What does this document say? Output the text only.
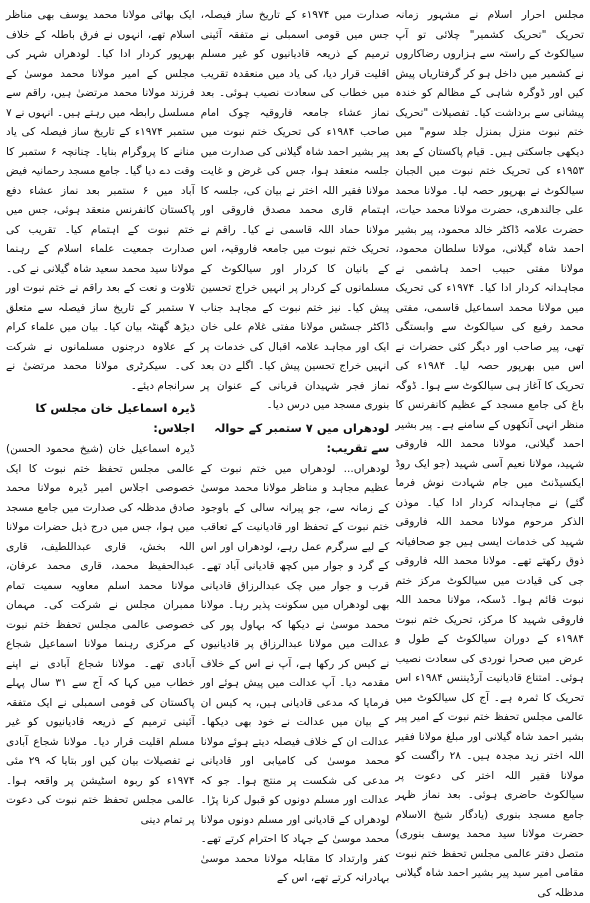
مجلس احرار اسلام نے مشہور زمانہ تحریک "تحریک کشمیر" چلائی تو آپ سیالکوٹ کے راستہ سے ہزاروں رضاکاروں نے کشمیر میں داخل ہو کر گرفتاریاں پیش کیں اور ڈوگرہ شاہی کے مظالم کو خندہ پیشانی سے برداشت کیا۔ تفصیلات "تحریک ختم نبوت منزل بمنزل جلد سوم" میں دیکھی جاسکتی ہیں۔ قیام پاکستان کے بعد ۱۹۵۳ء کی تحریک ختم نبوت میں الجبان سیالکوٹ نے بھرپور حصہ لیا۔ مولانا محمد علی جالندھری، حضرت مولانا محمد حیات، حضرت علامہ ڈاکٹر خالد محمود، پیر بشیر احمد شاہ گیلانی، مولانا سلطان محمود، مولانا مفتی حبیب احمد ہاشمی نے مجاہدانہ کردار ادا کیا۔ ۱۹۷۴ء کی تحریک میں مولانا محمد اسماعیل قاسمی، مفتی محمد رفیع کی سیالکوٹ سے وابستگی تھی، پیر صاحب اور دیگر کئی حضرات نے اس میں بھرپور حصہ لیا۔ ۱۹۸۴ء کی تحریک کا آغاز ہی سیالکوٹ سے ہوا۔ ڈوگہ باغ کی جامع مسجد کے عظیم کانفرنس کا منظر انہی آنکھوں کے سامنے ہے۔ پیر بشیر احمد گیلانی، مولانا محمد اللہ فاروقی شہید، مولانا نعیم آسی شہید (جو ایک روڈ ایکسیڈنٹ میں جام شہادت نوش فرما گئے) نے مجاہدانہ کردار ادا کیا۔ موذن الذکر مرحوم مولانا محمد اللہ فاروقی شہید کی خدمات ایسی ہیں جو صحافیانہ ذوق رکھتے تھے۔ مولانا محمد اللہ فاروقی جی کی قیادت میں سیالکوٹ مرکز ختم نبوت قائم ہوا۔ ڈسکہ، مولانا محمد اللہ فاروقی شہید کا مرکز، تحریک ختم نبوت ۱۹۸۴ء کے دوران سیالکوٹ کے طول و عرض میں صحرا نوردی کی سعادت نصیب ہوئی۔ امتناع قادیانیت آرڈیننس ۱۹۸۴ء اس تحریک کا ثمرہ ہے۔ آج کل سیالکوٹ میں عالمی مجلس تحفظ ختم نبوت کے امیر پیر بشیر احمد شاہ گیلانی اور مبلغ مولانا فقیر اللہ اختر زید مجدہ ہیں۔ ۲۸ راگست کو مولانا فقیر اللہ اختر کی دعوت پر سیالکوٹ حاضری ہوئی۔ بعد نماز ظہر جامع مسجد بنوری (یادگار شیخ الاسلام حضرت مولانا سید محمد یوسف بنوری) متصل دفتر عالمی مجلس تحفظ ختم نبوت مقامی امیر سید پیر بشیر احمد شاہ گیلانی مدظلہ کی

صدارت میں ۱۹۷۴ء کے تاریخ ساز فیصلہ، جس میں قومی اسمبلی نے متفقہ آئینی ترمیم کے ذریعہ قادیانیوں کو غیر مسلم اقلیت قرار دیا، کی یاد میں منعقدہ تقریب میں خطاب کی سعادت نصیب ہوئی۔ بعد نماز عشاء جامعہ فاروقیہ چوک امام صاحب ۱۹۸۴ء کی تحریک ختم نبوت میں پیر بشیر احمد شاہ گیلانی کی صدارت میں جلسہ منعقد ہوا، جس کی غرض و غایت مولانا فقیر اللہ اختر نے بیان کی، جلسہ کا اہتمام قاری محمد مصدق فاروقی اور مولانا حماد اللہ قاسمی نے کیا۔ راقم نے تحریک ختم نبوت میں جامعہ فاروقیہ، اس کے بانیان کا کردار اور سیالکوٹ کے مسلمانوں کے کردار پر انہیں خراج تحسین پیش کیا۔ نیز ختم نبوت کے مجاہد جناب ڈاکٹر جسٹس مولانا مفتی غلام علی خان ایک اور مجاہد علامہ اقبال کی خدمات پر انہیں خراج تحسین پیش کیا۔ اگلے دن بعد نماز فجر شہیدان قربانی کے عنوان پر بنوری مسجد میں درس دیا۔

لودھراں میں ۷ ستمبر کے حوالہ سے تقریب:

لودھراں... لودھراں میں ختم نبوت کے عظیم مجاہد و مناظر مولانا محمد موسیٰ کے زمانہ سے، جو پیرانہ سالی کے باوجود ختم نبوت کے تحفظ اور قادیانیت کے تعاقب کے لیے سرگرم عمل رہے، لودھراں اور اس کے گرد و جوار میں کچھ قادیانی آباد تھے۔ قرب و جوار میں چک عبدالرزاق قادیانی بھی لودھراں میں سکونت پذیر رہا۔ مولانا محمد موسیٰ نے دیکھا کہ بہاول پور کی عدالت میں مولانا عبدالرزاق پر قادیانیوں نے کیس کر رکھا ہے، آپ نے اس کے خلاف مقدمہ دیا۔ آپ عدالت میں پیش ہوئے اور فرمایا کہ مدعی قادیانی ہیں، یہ کیس ان کے بیان میں عدالت نے خود بھی دیکھا۔ عدالت ان کے خلاف فیصلہ دیتے ہوئے مولانا محمد موسیٰ کی کامیابی اور قادیانی مدعی کی شکست پر منتج ہوا۔ جو کہ عدالت اور مسلم دونوں کو قبول کرنا پڑا۔ لودھراں کے قادیانی اور مسلم دونوں مولانا محمد موسیٰ کے جہاد کا احترام کرتے تھے۔ کفر وارتداد کا مقابلہ مولانا محمد موسیٰ بہادرانہ کرتے تھے، اس کے

ایک بھائی مولانا محمد یوسف بھی مناظر اسلام تھے، انہوں نے فرق باطلہ کے خلاف بھرپور کردار ادا کیا۔ لودھراں شہر کی مجلس کے امیر مولانا محمد موسیٰ کے فرزند مولانا محمد مرتضیٰ ہیں، راقم سے مسلسل رابطہ میں رہتے ہیں۔ انہوں نے ۷ ستمبر ۱۹۷۴ء کے تاریخ ساز فیصلہ کی یاد منانے کا پروگرام بنایا۔ چنانچہ ۶ ستمبر کا وقت دے دیا گیا۔ جامع مسجد رحمانیہ فیض آباد میں ۶ ستمبر بعد نماز عشاء دفع پاکستان کانفرنس منعقد ہوئی، جس میں ختم نبوت کے اہتمام کیا۔ تقریب کی صدارت جمعیت علماء اسلام کے رہنما مولانا سید محمد سعید شاہ گیلانی نے کی۔ تلاوت و نعت کے بعد راقم نے ختم نبوت اور ۷ ستمبر کے تاریخ ساز فیصلہ سے متعلق دیڑھ گھنٹہ بیان کیا۔ بیان میں علماء کرام کے علاوہ درجنوں مسلمانوں نے شرکت کی۔ سیکرٹری مولانا محمد مرتضیٰ نے سرانجام دیئے۔

ڈیرہ اسماعیل خان مجلس کا اجلاس:

ڈیرہ اسماعیل خان (شیخ محمود الحسن) عالمی مجلس تحفظ ختم نبوت کا ایک خصوصی اجلاس امیر ڈیرہ مولانا محمد صادق مدظلہ کی صدارت میں جامع مسجد میں ہوا، جس میں درج ذیل حضرات مولانا اللہ بخش، قاری عبداللطیف، قاری عبدالحفیظ محمد، قاری محمد عرفان، مولانا محمد اسلم معاویہ سمیت تمام ممبران مجلس نے شرکت کی۔ مہمان خصوصی عالمی مجلس تحفظ ختم نبوت کے مرکزی رہنما مولانا اسماعیل شجاع آبادی تھے۔ مولانا شجاع آبادی نے اپنے خطاب میں کہا کہ آج سے ۳۱ سال پہلے پاکستان کی قومی اسمبلی نے ایک متفقہ آئینی ترمیم کے ذریعہ قادیانیوں کو غیر مسلم اقلیت قرار دیا۔ مولانا شجاع آبادی نے تفصیلات بیان کیں اور بتایا کہ ۲۹ مئی ۱۹۷۴ء کو ربوہ اسٹیشن پر واقعہ ہوا۔ عالمی مجلس تحفظ ختم نبوت کی دعوت پر تمام دینی
